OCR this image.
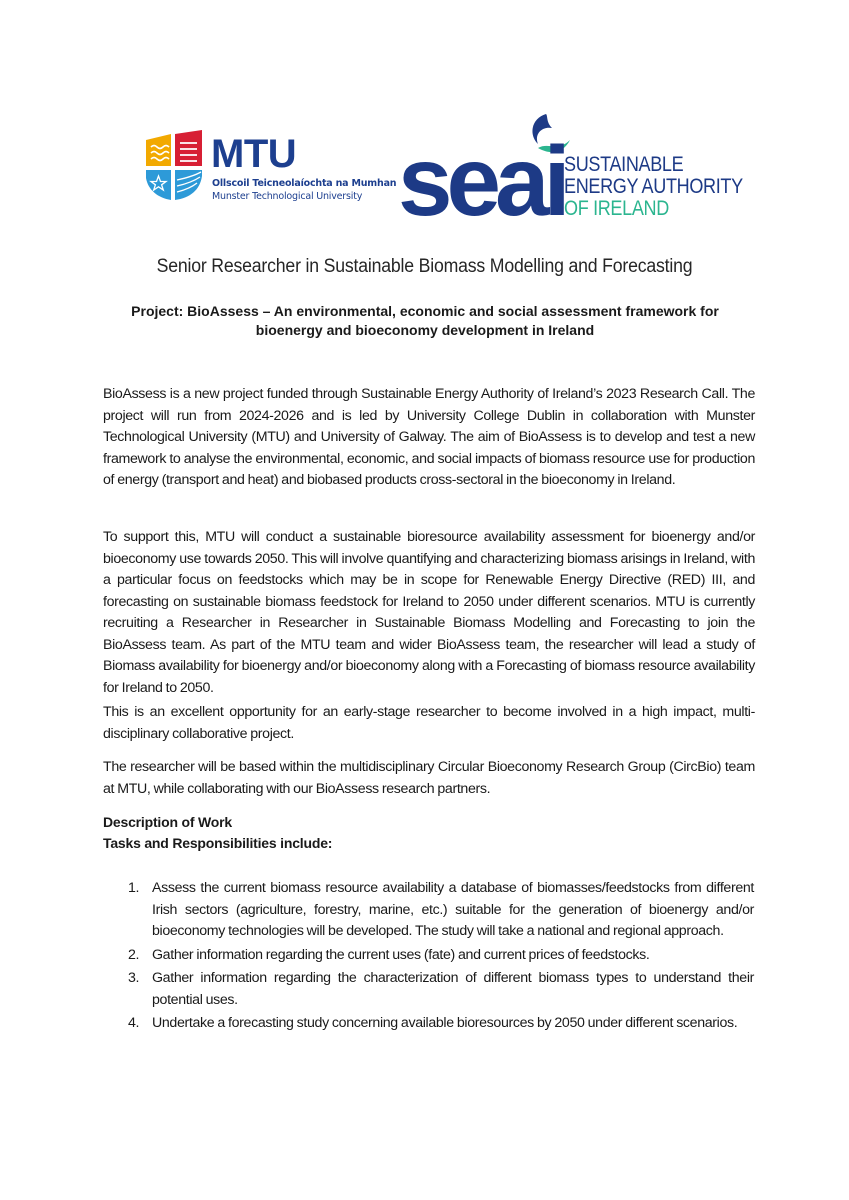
MTU
Ollscoil Teicneolaíochta na Mumhan
Munster Technological University seai SUSTAINABLE
ENERGY AUTHORITY
OF IRELAND
Senior Researcher in Sustainable Biomass Modelling and Forecasting
Project: BioAssess – An environmental, economic and social assessment framework for
bioenergy and bioeconomy development in Ireland

BioAssess is a new project funded through Sustainable Energy Authority of Ireland’s 2023 Research Call. The project will run from 2024-2026 and is led by University College Dublin in collaboration with Munster Technological University (MTU) and University of Galway. The aim of BioAssess is to develop and test a new framework to analyse the environmental, economic, and social impacts of biomass resource use for production of energy (transport and heat) and biobased products cross-sectoral in the bioeconomy in Ireland.

To support this, MTU will conduct a sustainable bioresource availability assessment for bioenergy and/or bioeconomy use towards 2050. This will involve quantifying and characterizing biomass arisings in Ireland, with a particular focus on feedstocks which may be in scope for Renewable Energy Directive (RED) III, and forecasting on sustainable biomass feedstock for Ireland to 2050 under different scenarios. MTU is currently recruiting a Researcher in Researcher in Sustainable Biomass Modelling and Forecasting to join the BioAssess team. As part of the MTU team and wider BioAssess team, the researcher will lead a study of Biomass availability for bioenergy and/or bioeconomy along with a Forecasting of biomass resource availability for Ireland to 2050.

This is an excellent opportunity for an early-stage researcher to become involved in a high impact, multi-disciplinary collaborative project.

The researcher will be based within the multidisciplinary Circular Bioeconomy Research Group (CircBio) team at MTU, while collaborating with our BioAssess research partners.

Description of Work
Tasks and Responsibilities include:
1. Assess the current biomass resource availability a database of biomasses/feedstocks from different Irish sectors (agriculture, forestry, marine, etc.) suitable for the generation of bioenergy and/or bioeconomy technologies will be developed. The study will take a national and regional approach.
2. Gather information regarding the current uses (fate) and current prices of feedstocks.
3. Gather information regarding the characterization of different biomass types to understand their potential uses.
4. Undertake a forecasting study concerning available bioresources by 2050 under different scenarios.
